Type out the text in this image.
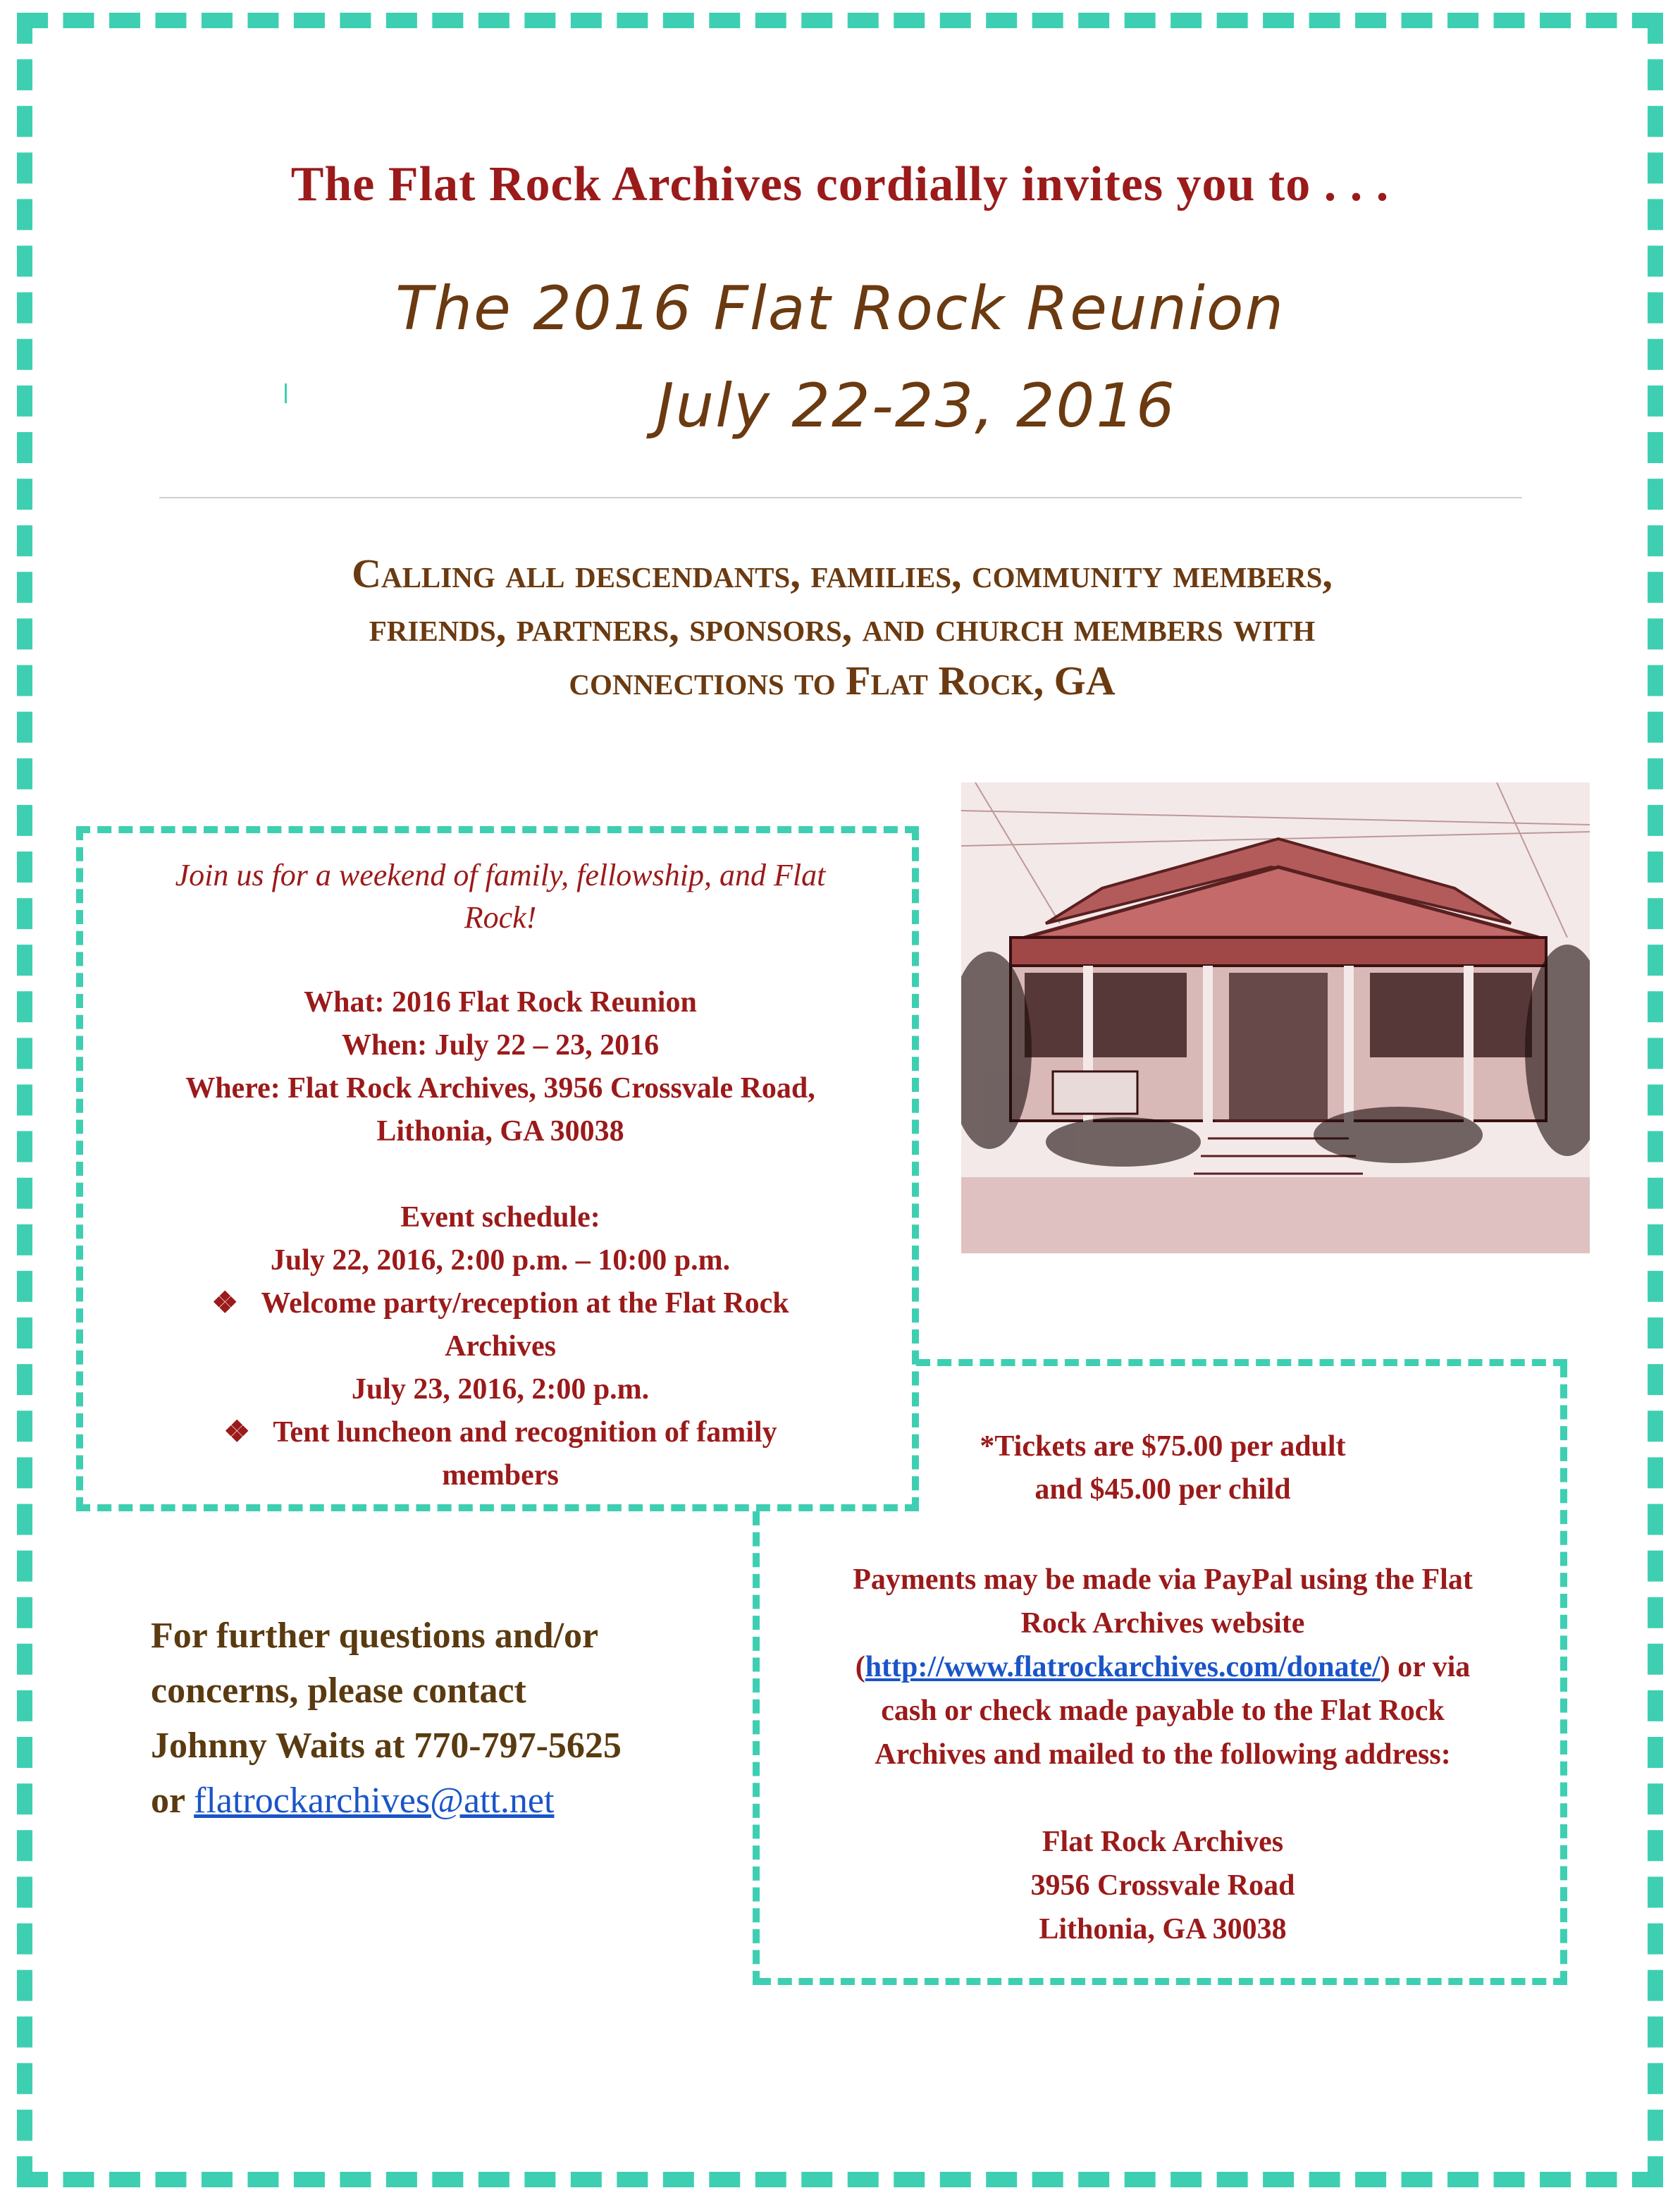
The Flat Rock Archives cordially invites you to . . .
The 2016 Flat Rock Reunion
July 22-23, 2016
Calling all descendants, families, community members,
friends, partners, sponsors, and church members with
connections to Flat Rock, GA
Join us for a weekend of family, fellowship, and Flat
Rock!

What: 2016 Flat Rock Reunion

When: July 22 – 23, 2016

Where: Flat Rock Archives, 3956 Crossvale Road,

Lithonia, GA 30038

Event schedule:

July 22, 2016, 2:00 p.m. – 10:00 p.m.

❖ Welcome party/reception at the Flat Rock

Archives

July 23, 2016, 2:00 p.m.

❖ Tent luncheon and recognition of family

members

*Tickets are $75.00 per adult
and $45.00 per child
Payments may be made via PayPal using the Flat
Rock Archives website
(http://www.flatrockarchives.com/donate/) or via
cash or check made payable to the Flat Rock
Archives and mailed to the following address:
Flat Rock Archives
3956 Crossvale Road
Lithonia, GA 30038
For further questions and/or
concerns, please contact
Johnny Waits at 770-797-5625
or flatrockarchives@att.net
